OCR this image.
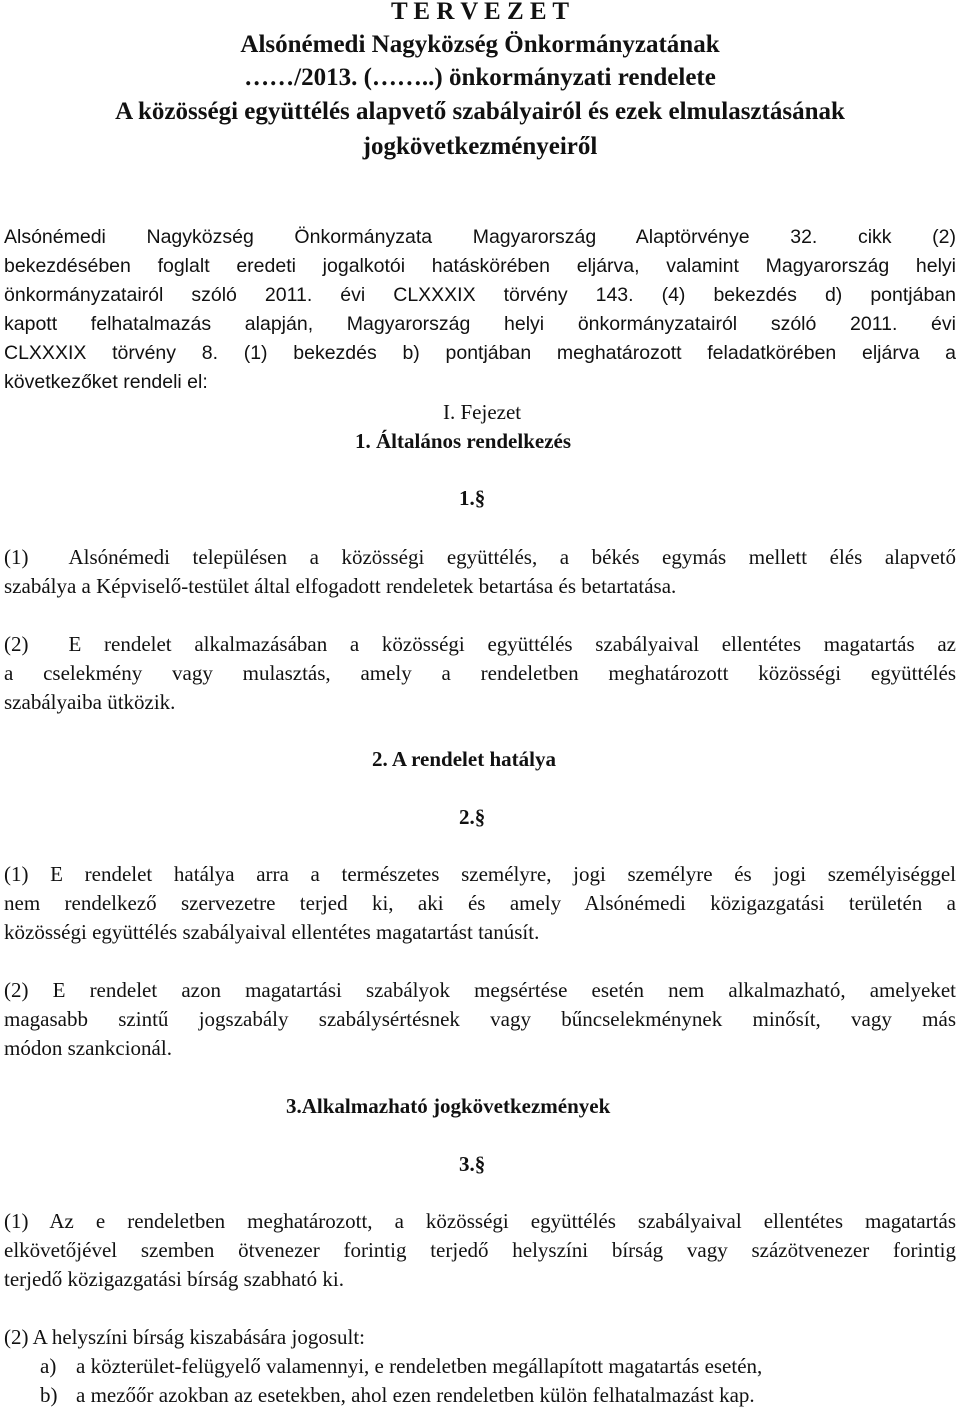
T E R V E Z E T
Alsónémedi Nagyközség Önkormányzatának
……/2013. (……..) önkormányzati rendelete
A közösségi együttélés alapvető szabályairól és ezek elmulasztásának
jogkövetkezményeiről
Alsónémedi Nagyközség Önkormányzata Magyarország Alaptörvénye 32. cikk (2)
bekezdésében foglalt eredeti jogalkotói hatáskörében eljárva, valamint Magyarország helyi
önkormányzatairól szóló 2011. évi CLXXXIX törvény 143. (4) bekezdés d) pontjában
kapott felhatalmazás alapján, Magyarország helyi önkormányzatairól szóló 2011. évi
CLXXXIX törvény 8. (1) bekezdés b) pontjában meghatározott feladatkörében eljárva a
következőket rendeli el:
I. Fejezet
1. Általános rendelkezés
1.§
(1) Alsónémedi településen a közösségi együttélés, a békés egymás mellett élés alapvető
szabálya a Képviselő-testület által elfogadott rendeletek betartása és betartatása.
(2) E rendelet alkalmazásában a közösségi együttélés szabályaival ellentétes magatartás az
a cselekmény vagy mulasztás, amely a rendeletben meghatározott közösségi együttélés
szabályaiba ütközik.
2. A rendelet hatálya
2.§
(1) E rendelet hatálya arra a természetes személyre, jogi személyre és jogi személyiséggel
nem rendelkező szervezetre terjed ki, aki és amely Alsónémedi közigazgatási területén a
közösségi együttélés szabályaival ellentétes magatartást tanúsít.
(2) E rendelet azon magatartási szabályok megsértése esetén nem alkalmazható, amelyeket
magasabb szintű jogszabály szabálysértésnek vagy bűncselekménynek minősít, vagy más
módon szankcionál.
3.Alkalmazható jogkövetkezmények
3.§
(1) Az e rendeletben meghatározott, a közösségi együttélés szabályaival ellentétes magatartás
elkövetőjével szemben ötvenezer forintig terjedő helyszíni bírság vagy százötvenezer forintig
terjedő közigazgatási bírság szabható ki.
(2) A helyszíni bírság kiszabására jogosult:
a) a közterület-felügyelő valamennyi, e rendeletben megállapított magatartás esetén,
b) a mezőőr azokban az esetekben, ahol ezen rendeletben külön felhatalmazást kap.
